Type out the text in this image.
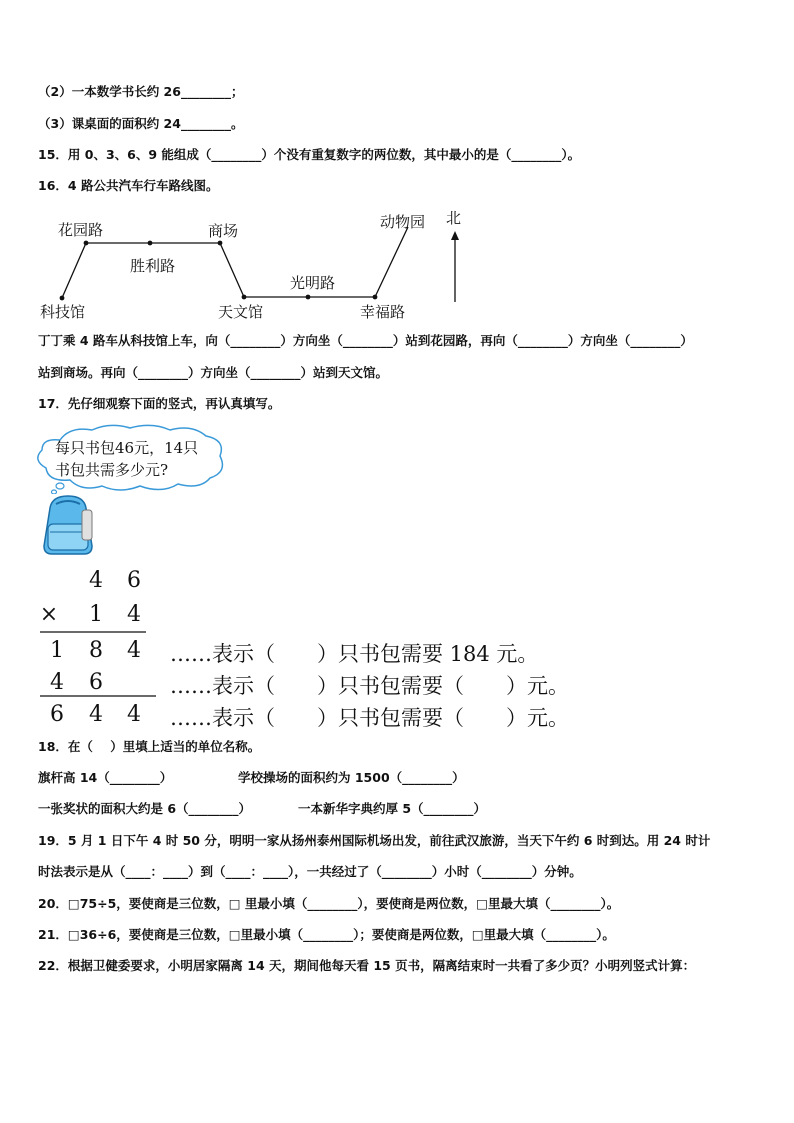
（2）一本数学书长约 26________；
（3）课桌面的面积约 24________。
15．用 0、3、6、9 能组成（________）个没有重复数字的两位数，其中最小的是（________）。
16．4 路公共汽车行车路线图。
科技馆
花园路
胜利路
商场
天文馆
光明路
幸福路
动物园 北
丁丁乘 4 路车从科技馆上车，向（________）方向坐（________）站到花园路，再向（________）方向坐（________）
站到商场。再向（________）方向坐（________）站到天文馆。
17．先仔细观察下面的竖式，再认真填写。
每只书包46元，14只
书包共需多少元?
4 6
× 1 4
1 8 4
4 6
6 4 4
……表示（　　）只书包需要 184 元。
……表示（　　）只书包需要（　　）元。
……表示（　　）只书包需要（　　）元。
18．在（    ）里填上适当的单位名称。
旗杆高 14（________）	学校操场的面积约为 1500（________）
一张奖状的面积大约是 6（________）	一本新华字典约厚 5（________）
19．5 月 1 日下午 4 时 50 分，明明一家从扬州泰州国际机场出发，前往武汉旅游，当天下午约 6 时到达。用 24 时计
时法表示是从（____：____）到（____：____），一共经过了（________）小时（________）分钟。
20．□75÷5，要使商是三位数，□ 里最小填（________），要使商是两位数，□里最大填（________）。
21．□36÷6，要使商是三位数，□里最小填（________）；要使商是两位数，□里最大填（________）。
22．根据卫健委要求，小明居家隔离 14 天，期间他每天看 15 页书，隔离结束时一共看了多少页？小明列竖式计算：
